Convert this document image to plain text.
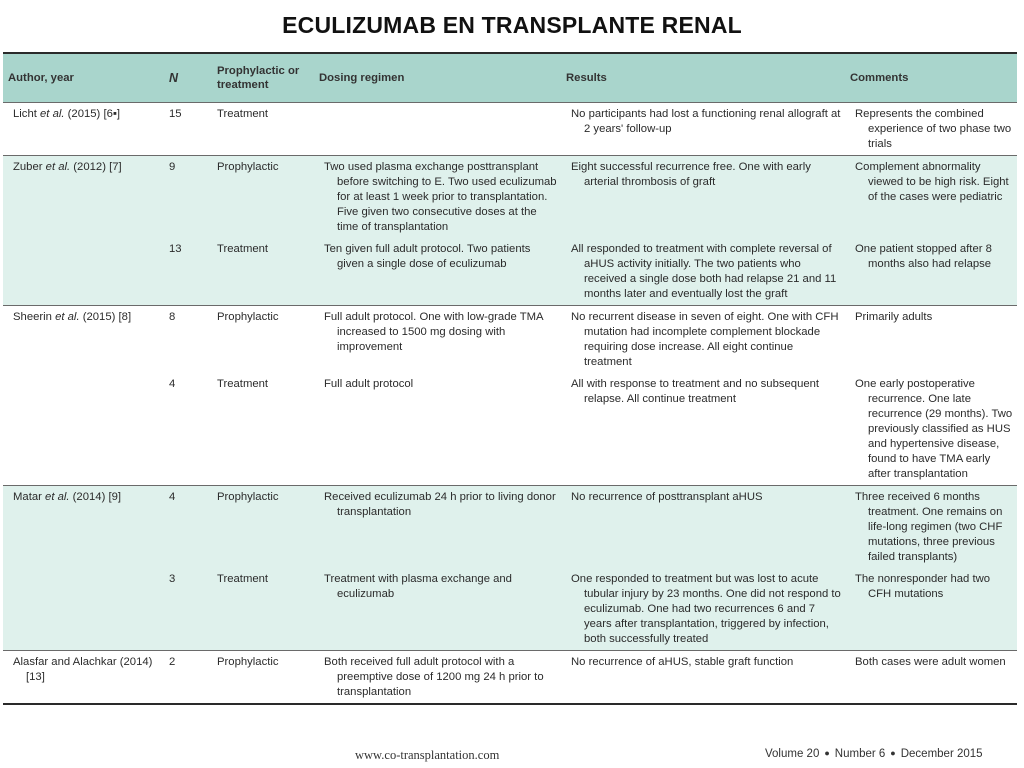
ECULIZUMAB EN TRANSPLANTE RENAL
Author, year	N	Prophylactic or treatment	Dosing regimen	Results	Comments

Licht et al. (2015) [6▪]	15	Treatment		No participants had lost a functioning renal allograft at 2 years' follow-up	Represents the combined experience of two phase two trials

Zuber et al. (2012) [7]	9	Prophylactic	Two used plasma exchange posttransplant before switching to E. Two used eculizumab for at least 1 week prior to transplantation. Five given two consecutive doses at the time of transplantation	Eight successful recurrence free. One with early arterial thrombosis of graft	Complement abnormality viewed to be high risk. Eight of the cases were pediatric

	13	Treatment	Ten given full adult protocol. Two patients given a single dose of eculizumab	All responded to treatment with complete reversal of aHUS activity initially. The two patients who received a single dose both had relapse 21 and 11 months later and eventually lost the graft	One patient stopped after 8 months also had relapse

Sheerin et al. (2015) [8]	8	Prophylactic	Full adult protocol. One with low-grade TMA increased to 1500 mg dosing with improvement	No recurrent disease in seven of eight. One with CFH mutation had incomplete complement blockade requiring dose increase. All eight continue treatment	Primarily adults

	4	Treatment	Full adult protocol	All with response to treatment and no subsequent relapse. All continue treatment	One early postoperative recurrence. One late recurrence (29 months). Two previously classified as HUS and hypertensive disease, found to have TMA early after transplantation

Matar et al. (2014) [9]	4	Prophylactic	Received eculizumab 24 h prior to living donor transplantation	No recurrence of posttransplant aHUS	Three received 6 months treatment. One remains on life-long regimen (two CHF mutations, three previous failed transplants)

	3	Treatment	Treatment with plasma exchange and eculizumab	One responded to treatment but was lost to acute tubular injury by 23 months. One did not respond to eculizumab. One had two recurrences 6 and 7 years after transplantation, triggered by infection, both successfully treated	The nonresponder had two CFH mutations

Alasfar and Alachkar (2014) [13]	2	Prophylactic	Both received full adult protocol with a preemptive dose of 1200 mg 24 h prior to transplantation	No recurrence of aHUS, stable graft function	Both cases were adult women
www.co-transplantation.com	Volume 20 ● Number 6 ● December 2015
